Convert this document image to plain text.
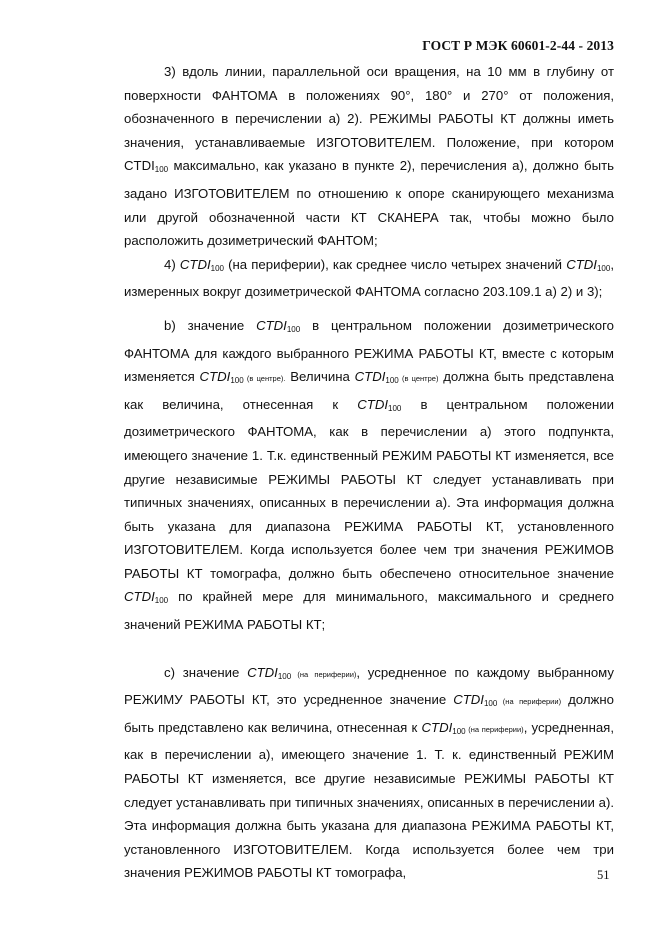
ГОСТ Р МЭК 60601-2-44 - 2013

3) вдоль линии, параллельной оси вращения, на 10 мм в глубину от поверхности ФАНТОМА в положениях 90°, 180° и 270° от положения, обозначенного в перечислении а) 2). РЕЖИМЫ РАБОТЫ КТ должны иметь значения, устанавливаемые ИЗГОТОВИТЕЛЕМ. Положение, при котором $CTDI_{100}$ максимально, как указано в пункте 2), перечисления а), должно быть задано ИЗГОТОВИТЕЛЕМ по отношению к опоре сканирующего механизма или другой обозначенной части КТ СКАНЕРА так, чтобы можно было расположить дозиметрический ФАНТОМ;

4) $CTDI_{100}$ (на периферии), как среднее число четырех значений $CTDI_{100}$, измеренных вокруг дозиметрической ФАНТОМА согласно 203.109.1 а) 2) и 3);

b) значение $CTDI_{100}$ в центральном положении дозиметрического ФАНТОМА для каждого выбранного РЕЖИМА РАБОТЫ КТ, вместе с которым изменяется $CTDI_{100}$ (в центре). Величина $CTDI_{100}$ (в центре) должна быть представлена как величина, отнесенная к $CTDI_{100}$ в центральном положении дозиметрического ФАНТОМА, как в перечислении а) этого подпункта, имеющего значение 1. Т.к. единственный РЕЖИМ РАБОТЫ КТ изменяется, все другие независимые РЕЖИМЫ РАБОТЫ КТ следует устанавливать при типичных значениях, описанных в перечислении а). Эта информация должна быть указана для диапазона РЕЖИМА РАБОТЫ КТ, установленного ИЗГОТОВИТЕЛЕМ. Когда используется более чем три значения РЕЖИМОВ РАБОТЫ КТ томографа, должно быть обеспечено относительное значение $CTDI_{100}$ по крайней мере для минимального, максимального и среднего значений РЕЖИМА РАБОТЫ КТ;

с) значение $CTDI_{100}$ (на периферии), усредненное по каждому выбранному РЕЖИМУ РАБОТЫ КТ, это усредненное значение $CTDI_{100}$ (на периферии) должно быть представлено как величина, отнесенная к $CTDI_{100}$ (на периферии), усредненная, как в перечислении а), имеющего значение 1. Т. к. единственный РЕЖИМ РАБОТЫ КТ изменяется, все другие независимые РЕЖИМЫ РАБОТЫ КТ следует устанавливать при типичных значениях, описанных в перечислении а). Эта информация должна быть указана для диапазона РЕЖИМА РАБОТЫ КТ, установленного ИЗГОТОВИТЕЛЕМ. Когда используется более чем три значения РЕЖИМОВ РАБОТЫ КТ томографа,	51
